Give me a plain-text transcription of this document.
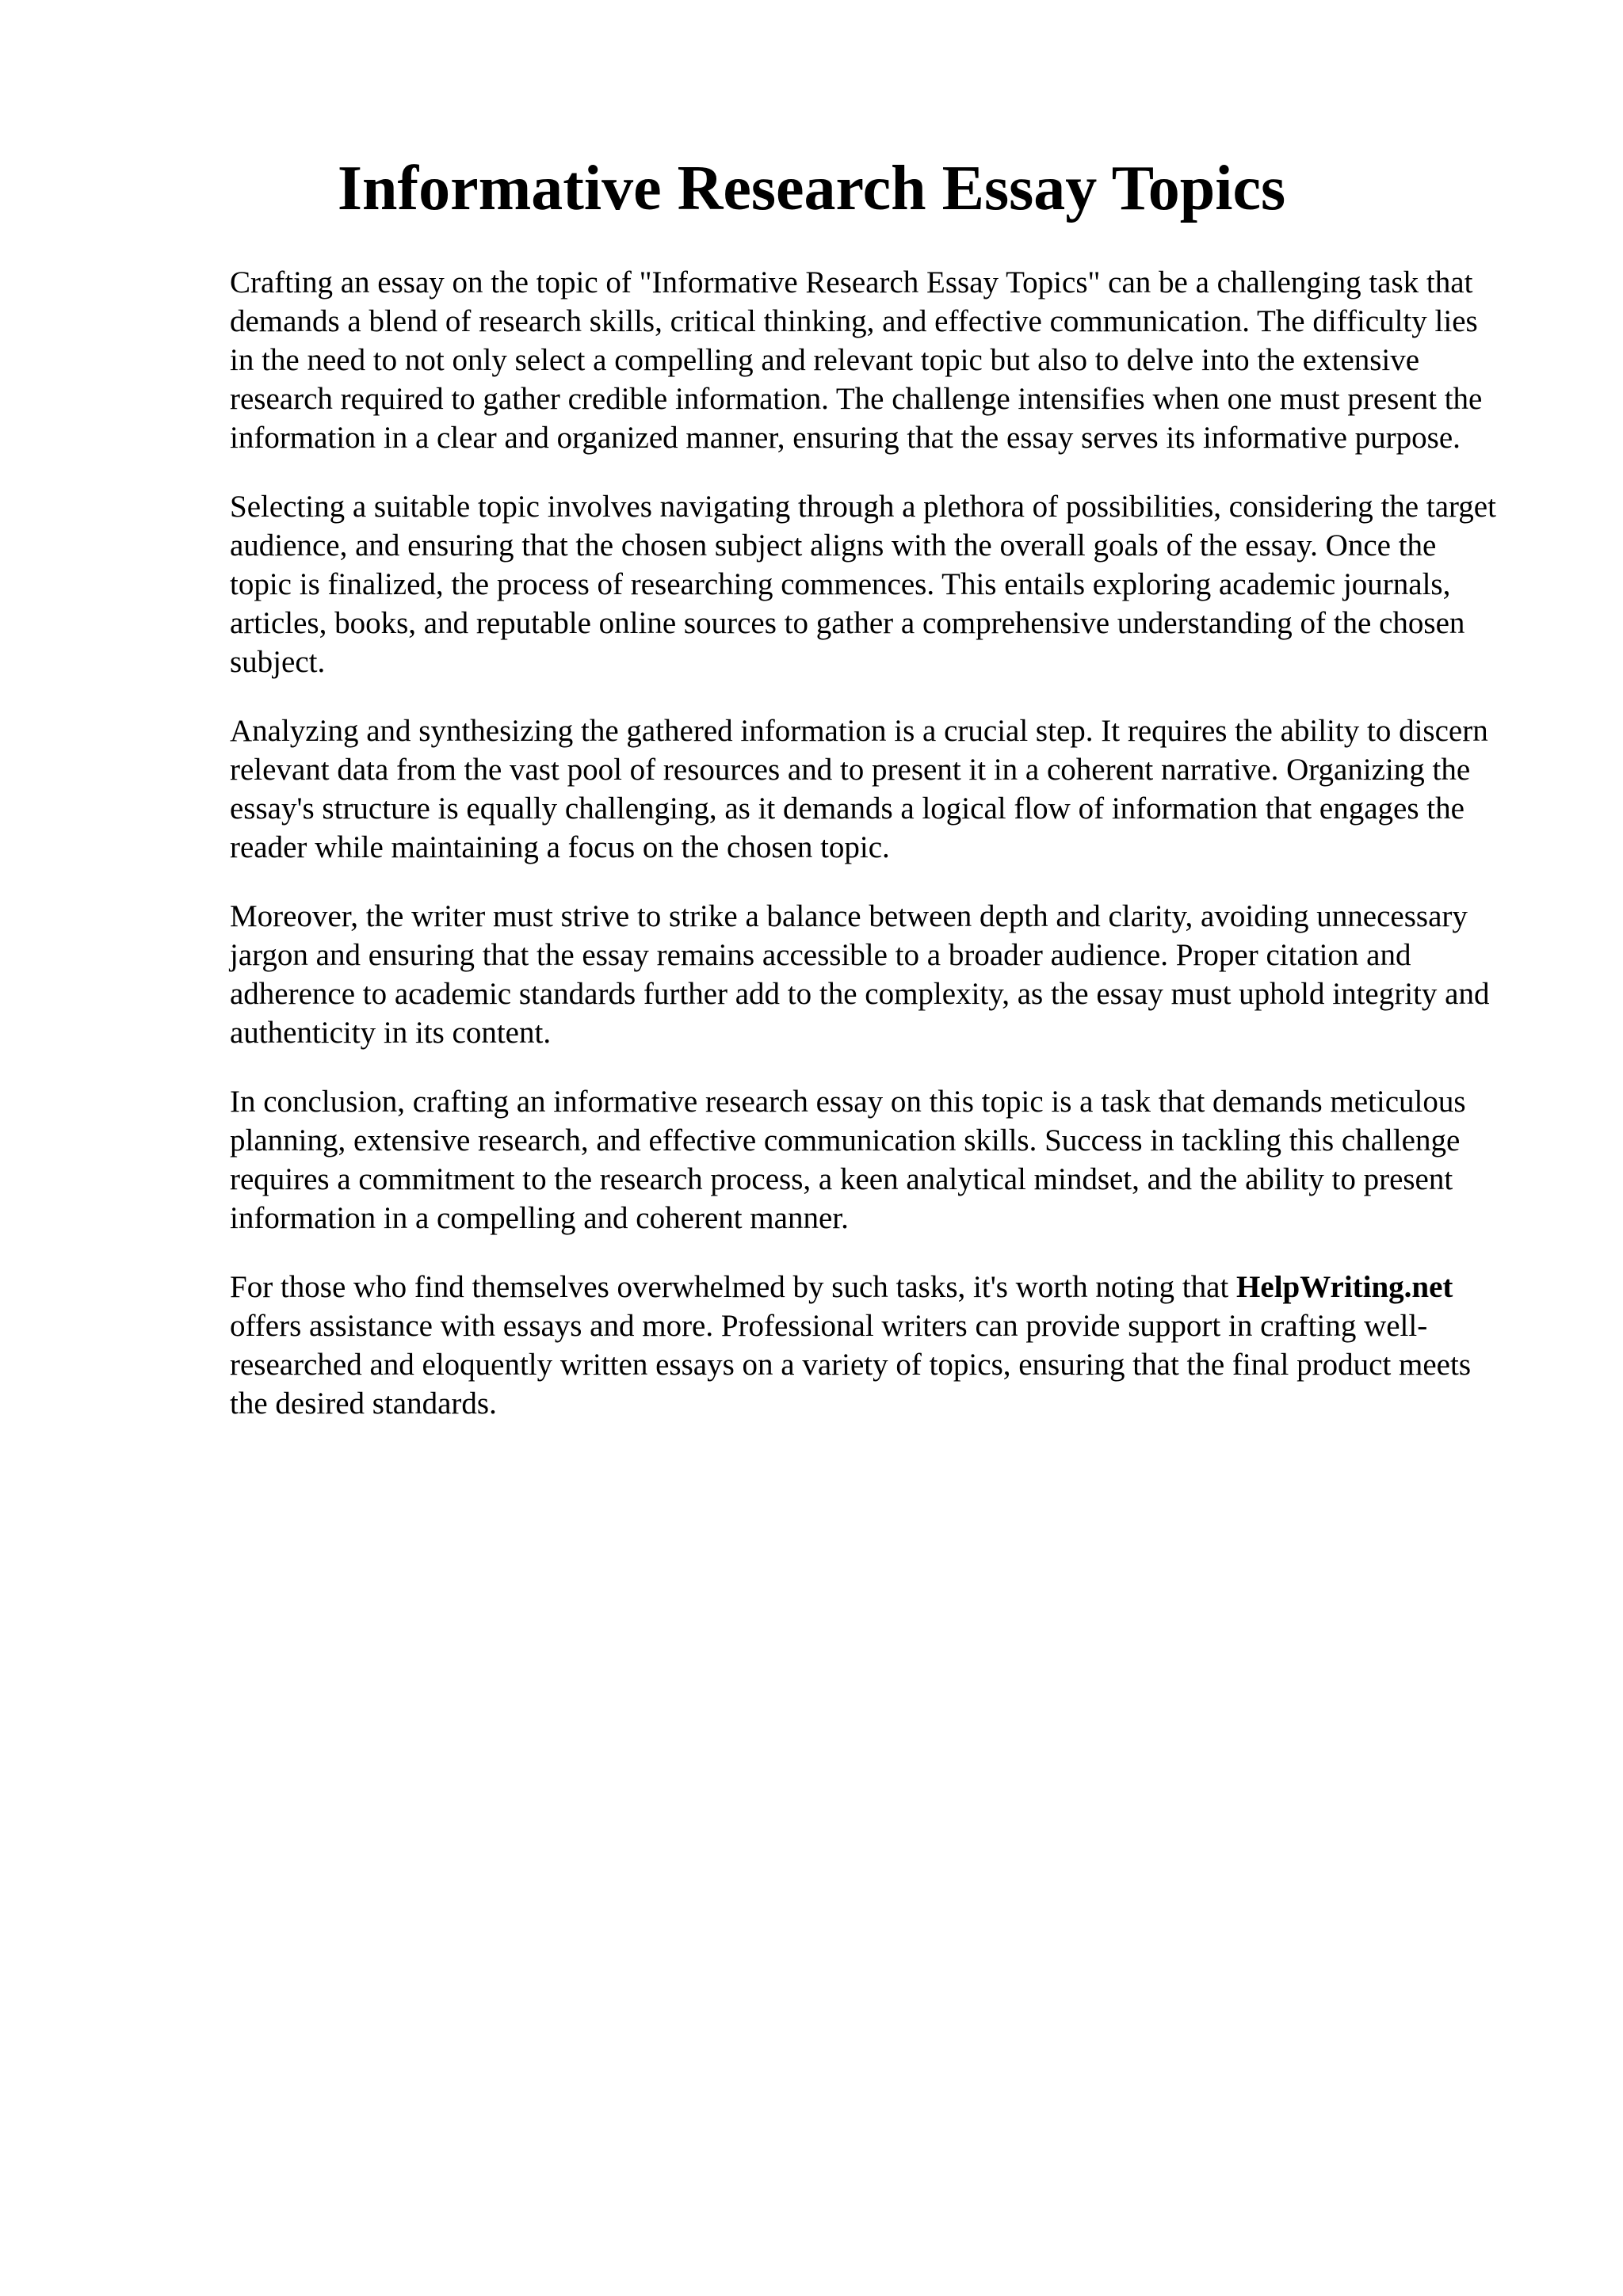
Informative Research Essay Topics

Crafting an essay on the topic of "Informative Research Essay Topics" can be a challenging task that demands a blend of research skills, critical thinking, and effective communication. The difficulty lies in the need to not only select a compelling and relevant topic but also to delve into the extensive research required to gather credible information. The challenge intensifies when one must present the information in a clear and organized manner, ensuring that the essay serves its informative purpose.

Selecting a suitable topic involves navigating through a plethora of possibilities, considering the target audience, and ensuring that the chosen subject aligns with the overall goals of the essay. Once the topic is finalized, the process of researching commences. This entails exploring academic journals, articles, books, and reputable online sources to gather a comprehensive understanding of the chosen subject.

Analyzing and synthesizing the gathered information is a crucial step. It requires the ability to discern relevant data from the vast pool of resources and to present it in a coherent narrative. Organizing the essay's structure is equally challenging, as it demands a logical flow of information that engages the reader while maintaining a focus on the chosen topic.

Moreover, the writer must strive to strike a balance between depth and clarity, avoiding unnecessary jargon and ensuring that the essay remains accessible to a broader audience. Proper citation and adherence to academic standards further add to the complexity, as the essay must uphold integrity and authenticity in its content.

In conclusion, crafting an informative research essay on this topic is a task that demands meticulous planning, extensive research, and effective communication skills. Success in tackling this challenge requires a commitment to the research process, a keen analytical mindset, and the ability to present information in a compelling and coherent manner.

For those who find themselves overwhelmed by such tasks, it's worth noting that HelpWriting.net offers assistance with essays and more. Professional writers can provide support in crafting well-researched and eloquently written essays on a variety of topics, ensuring that the final product meets the desired standards.
